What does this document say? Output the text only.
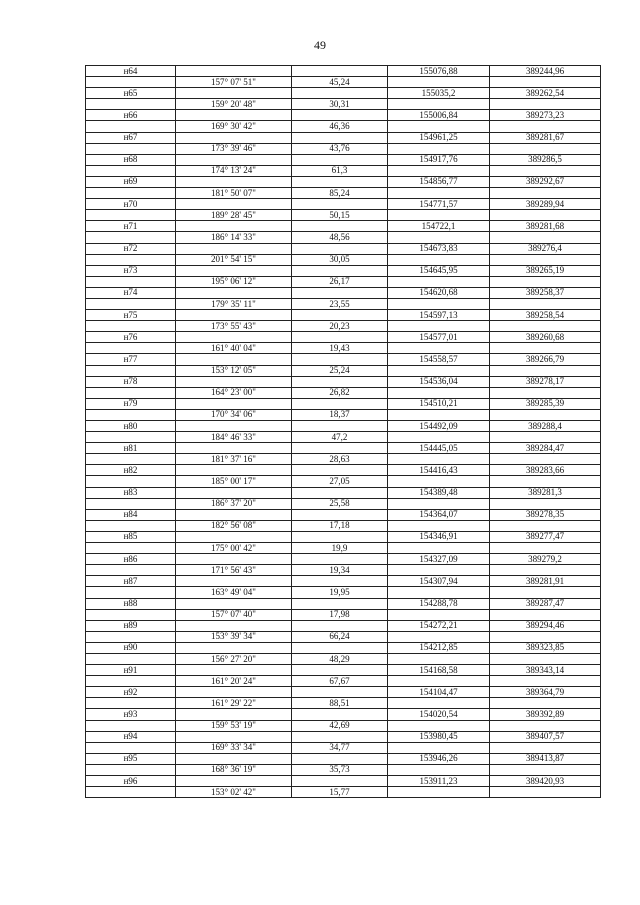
49
н64			155076,88	389244,96
	157° 07' 51"	45,24		
н65			155035,2	389262,54
	159° 20' 48"	30,31		
н66			155006,84	389273,23
	169° 30' 42"	46,36		
н67			154961,25	389281,67
	173° 39' 46"	43,76		
н68			154917,76	389286,5
	174° 13' 24"	61,3		
н69			154856,77	389292,67
	181° 50' 07"	85,24		
н70			154771,57	389289,94
	189° 28' 45"	50,15		
н71			154722,1	389281,68
	186° 14' 33"	48,56		
н72			154673,83	389276,4
	201° 54' 15"	30,05		
н73			154645,95	389265,19
	195° 06' 12"	26,17		
н74			154620,68	389258,37
	179° 35' 11"	23,55		
н75			154597,13	389258,54
	173° 55' 43"	20,23		
н76			154577,01	389260,68
	161° 40' 04"	19,43		
н77			154558,57	389266,79
	153° 12' 05"	25,24		
н78			154536,04	389278,17
	164° 23' 00"	26,82		
н79			154510,21	389285,39
	170° 34' 06"	18,37		
н80			154492,09	389288,4
	184° 46' 33"	47,2		
н81			154445,05	389284,47
	181° 37' 16"	28,63		
н82			154416,43	389283,66
	185° 00' 17"	27,05		
н83			154389,48	389281,3
	186° 37' 20"	25,58		
н84			154364,07	389278,35
	182° 56' 08"	17,18		
н85			154346,91	389277,47
	175° 00' 42"	19,9		
н86			154327,09	389279,2
	171° 56' 43"	19,34		
н87			154307,94	389281,91
	163° 49' 04"	19,95		
н88			154288,78	389287,47
	157° 07' 40"	17,98		
н89			154272,21	389294,46
	153° 39' 34"	66,24		
н90			154212,85	389323,85
	156° 27' 20"	48,29		
н91			154168,58	389343,14
	161° 20' 24"	67,67		
н92			154104,47	389364,79
	161° 29' 22"	88,51		
н93			154020,54	389392,89
	159° 53' 19"	42,69		
н94			153980,45	389407,57
	169° 33' 34"	34,77		
н95			153946,26	389413,87
	168° 36' 19"	35,73		
н96			153911,23	389420,93
	153° 02' 42"	15,77		
